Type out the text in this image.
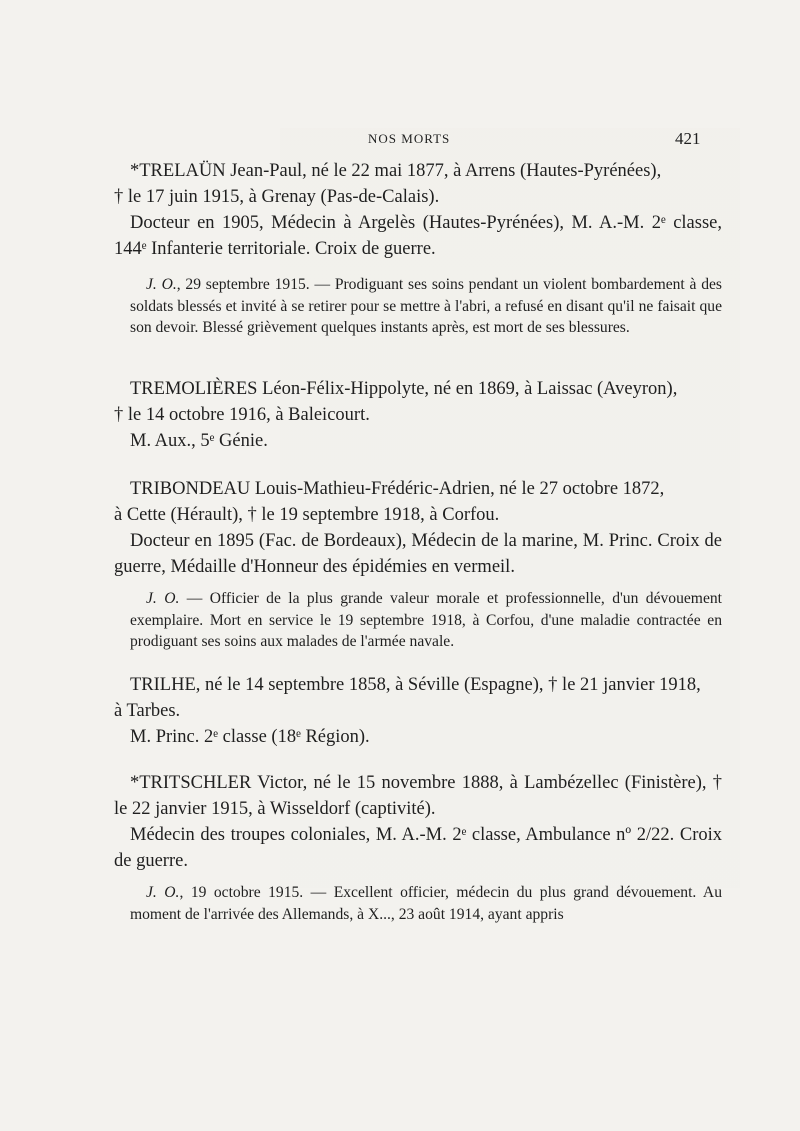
NOS MORTS	421

*TRELAÜN Jean-Paul, né le 22 mai 1877, à Arrens (Hautes-Pyrénées),

† le 17 juin 1915, à Grenay (Pas-de-Calais).

Docteur en 1905, Médecin à Argelès (Hautes-Pyrénées), M. A.-M. 2ᵉ classe, 144ᵉ Infanterie territoriale. Croix de guerre.

J. O., 29 septembre 1915. — Prodiguant ses soins pendant un violent bombardement à des soldats blessés et invité à se retirer pour se mettre à l'abri, a refusé en disant qu'il ne faisait que son devoir. Blessé grièvement quelques instants après, est mort de ses blessures.

TREMOLIÈRES Léon-Félix-Hippolyte, né en 1869, à Laissac (Aveyron),

† le 14 octobre 1916, à Baleicourt.

M. Aux., 5ᵉ Génie.

TRIBONDEAU Louis-Mathieu-Frédéric-Adrien, né le 27 octobre 1872,

à Cette (Hérault), † le 19 septembre 1918, à Corfou.

Docteur en 1895 (Fac. de Bordeaux), Médecin de la marine, M. Princ. Croix de guerre, Médaille d'Honneur des épidémies en vermeil.

J. O. — Officier de la plus grande valeur morale et professionnelle, d'un dévouement exemplaire. Mort en service le 19 septembre 1918, à Corfou, d'une maladie contractée en prodiguant ses soins aux malades de l'armée navale.

TRILHE, né le 14 septembre 1858, à Séville (Espagne), † le 21 janvier 1918,

à Tarbes.

M. Princ. 2ᵉ classe (18ᵉ Région).

*TRITSCHLER Victor, né le 15 novembre 1888, à Lambézellec (Finistère), † le 22 janvier 1915, à Wisseldorf (captivité).

Médecin des troupes coloniales, M. A.-M. 2ᵉ classe, Ambulance nº 2/22. Croix de guerre.

J. O., 19 octobre 1915. — Excellent officier, médecin du plus grand dévouement. Au moment de l'arrivée des Allemands, à X..., 23 août 1914, ayant appris
